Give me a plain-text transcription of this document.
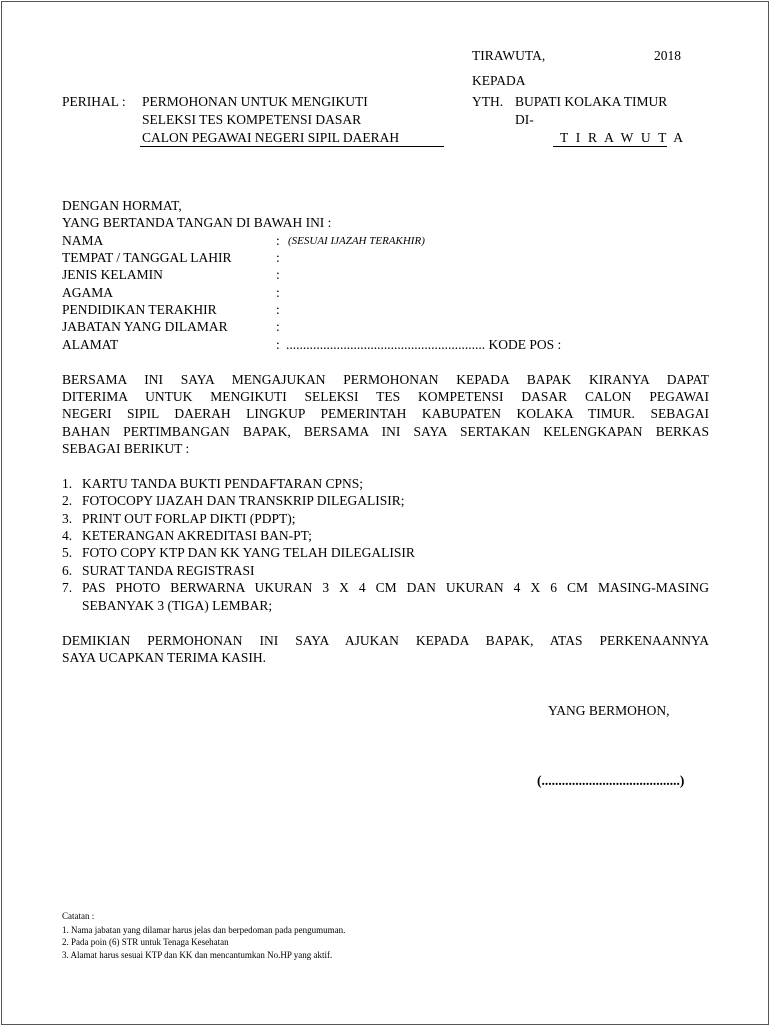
TIRAWUTA,	2018
KEPADA
YTH. BUPATI KOLAKA TIMUR
DI-
T I R A W U T A
PERIHAL : PERMOHONAN UNTUK MENGIKUTI
SELEKSI TES KOMPETENSI DASAR
CALON PEGAWAI NEGERI SIPIL DAERAH
DENGAN HORMAT,
YANG BERTANDA TANGAN DI BAWAH INI :
NAMA	: (SESUAI IJAZAH TERAKHIR)
TEMPAT / TANGGAL LAHIR	:
JENIS KELAMIN	:
AGAMA	:
PENDIDIKAN TERAKHIR	:
JABATAN YANG DILAMAR	:
ALAMAT	: ........................................................... KODE POS :
BERSAMA INI SAYA MENGAJUKAN PERMOHONAN KEPADA BAPAK KIRANYA DAPAT
DITERIMA UNTUK MENGIKUTI SELEKSI TES KOMPETENSI DASAR CALON PEGAWAI
NEGERI SIPIL DAERAH LINGKUP PEMERINTAH KABUPATEN KOLAKA TIMUR. SEBAGAI
BAHAN PERTIMBANGAN BAPAK, BERSAMA INI SAYA SERTAKAN KELENGKAPAN BERKAS
SEBAGAI BERIKUT :
1. KARTU TANDA BUKTI PENDAFTARAN CPNS;
2. FOTOCOPY IJAZAH DAN TRANSKRIP DILEGALISIR;
3. PRINT OUT FORLAP DIKTI (PDPT);
4. KETERANGAN AKREDITASI BAN-PT;
5. FOTO COPY KTP DAN KK YANG TELAH DILEGALISIR
6. SURAT TANDA REGISTRASI
7. PAS PHOTO BERWARNA UKURAN 3 X 4 CM DAN UKURAN 4 X 6 CM MASING-MASING
SEBANYAK 3 (TIGA) LEMBAR;
DEMIKIAN PERMOHONAN INI SAYA AJUKAN KEPADA BAPAK, ATAS PERKENAANNYA
SAYA UCAPKAN TERIMA KASIH.
YANG BERMOHON,
(.........................................)
Catatan :
1. Nama jabatan yang dilamar harus jelas dan berpedoman pada pengumuman.
2. Pada poin (6) STR untuk Tenaga Kesehatan
3. Alamat harus sesuai KTP dan KK dan mencantumkan No.HP yang aktif.
